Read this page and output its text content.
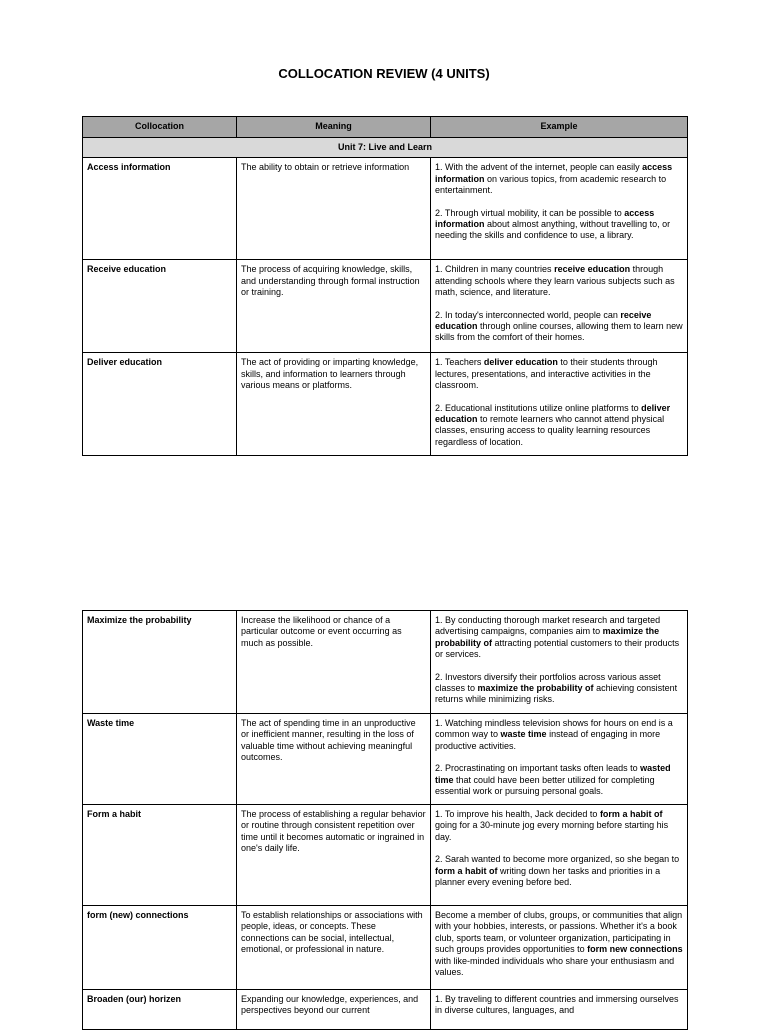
COLLOCATION REVIEW (4 UNITS)
Collocation	Meaning	Example
Unit 7: Live and Learn		
Access information	The ability to obtain or retrieve information	1. With the advent of the internet, people can easily access information on various topics, from academic research to entertainment.

2. Through virtual mobility, it can be possible to access information about almost anything, without travelling to, or needing the skills and confidence to use, a library.

Receive education	The process of acquiring knowledge, skills, and understanding through formal instruction or training.	1. Children in many countries receive education through attending schools where they learn various subjects such as math, science, and literature.

2. In today's interconnected world, people can receive education through online courses, allowing them to learn new skills from the comfort of their homes.

Deliver education	The act of providing or imparting knowledge, skills, and information to learners through various means or platforms.	1. Teachers deliver education to their students through lectures, presentations, and interactive activities in the classroom.

2. Educational institutions utilize online platforms to deliver education to remote learners who cannot attend physical classes, ensuring access to quality learning resources regardless of location.

Maximize the probability	Increase the likelihood or chance of a particular outcome or event occurring as much as possible.	1. By conducting thorough market research and targeted advertising campaigns, companies aim to maximize the probability of attracting potential customers to their products or services.

2. Investors diversify their portfolios across various asset classes to maximize the probability of achieving consistent returns while minimizing risks.

Waste time	The act of spending time in an unproductive or inefficient manner, resulting in the loss of valuable time without achieving meaningful outcomes.	1. Watching mindless television shows for hours on end is a common way to waste time instead of engaging in more productive activities.

2. Procrastinating on important tasks often leads to wasted time that could have been better utilized for completing essential work or pursuing personal goals.

Form a habit	The process of establishing a regular behavior or routine through consistent repetition over time until it becomes automatic or ingrained in one's daily life.	1. To improve his health, Jack decided to form a habit of going for a 30-minute jog every morning before starting his day.

2. Sarah wanted to become more organized, so she began to form a habit of writing down her tasks and priorities in a planner every evening before bed.

form (new) connections	To establish relationships or associations with people, ideas, or concepts. These connections can be social, intellectual, emotional, or professional in nature.	Become a member of clubs, groups, or communities that align with your hobbies, interests, or passions. Whether it's a book club, sports team, or volunteer organization, participating in such groups provides opportunities to form new connections with like-minded individuals who share your enthusiasm and values.

Broaden (our) horizen	Expanding our knowledge, experiences, and perspectives beyond our current	1. By traveling to different countries and immersing ourselves in diverse cultures, languages, and
